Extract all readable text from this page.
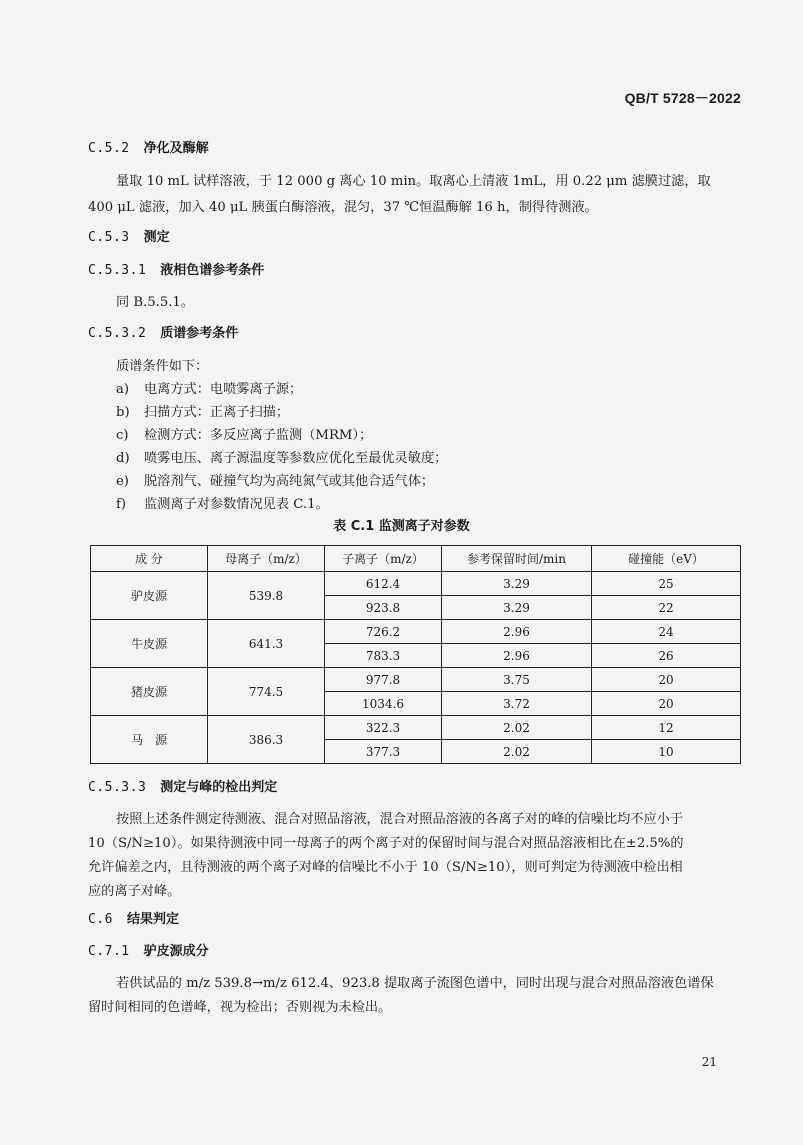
QB/T 5728－2022
C.5.2 净化及酶解
量取 10 mL 试样溶液，于 12 000 g 离心 10 min。取离心上清液 1mL，用 0.22 μm 滤膜过滤，取
400 μL 滤液，加入 40 μL 胰蛋白酶溶液，混匀，37 ℃恒温酶解 16 h，制得待测液。
C.5.3 测定
C.5.3.1 液相色谱参考条件
同 B.5.5.1。
C.5.3.2 质谱参考条件
质谱条件如下：
a) 电离方式：电喷雾离子源；
b) 扫描方式：正离子扫描；
c) 检测方式：多反应离子监测（MRM）；
d) 喷雾电压、离子源温度等参数应优化至最优灵敏度；
e) 脱溶剂气、碰撞气均为高纯氮气或其他合适气体；
f) 监测离子对参数情况见表 C.1。
表 C.1 监测离子对参数
成 分	母离子（m/z）	子离子（m/z）	参考保留时间/min	碰撞能（eV）
驴皮源	539.8	612.4	3.29	25
		923.8	3.29	22
牛皮源	641.3	726.2	2.96	24
		783.3	2.96	26
猪皮源	774.5	977.8	3.75	20
		1034.6	3.72	20
马　源	386.3	322.3	2.02	12
		377.3	2.02	10
C.5.3.3 测定与峰的检出判定
按照上述条件测定待测液、混合对照品溶液，混合对照品溶液的各离子对的峰的信噪比均不应小于
10（S/N≥10）。如果待测液中同一母离子的两个离子对的保留时间与混合对照品溶液相比在±2.5%的
允许偏差之内，且待测液的两个离子对峰的信噪比不小于 10（S/N≥10），则可判定为待测液中检出相
应的离子对峰。
C.6 结果判定
C.7.1 驴皮源成分
若供试品的 m/z 539.8→m/z 612.4、923.8 提取离子流图色谱中，同时出现与混合对照品溶液色谱保
留时间相同的色谱峰，视为检出；否则视为未检出。
21
